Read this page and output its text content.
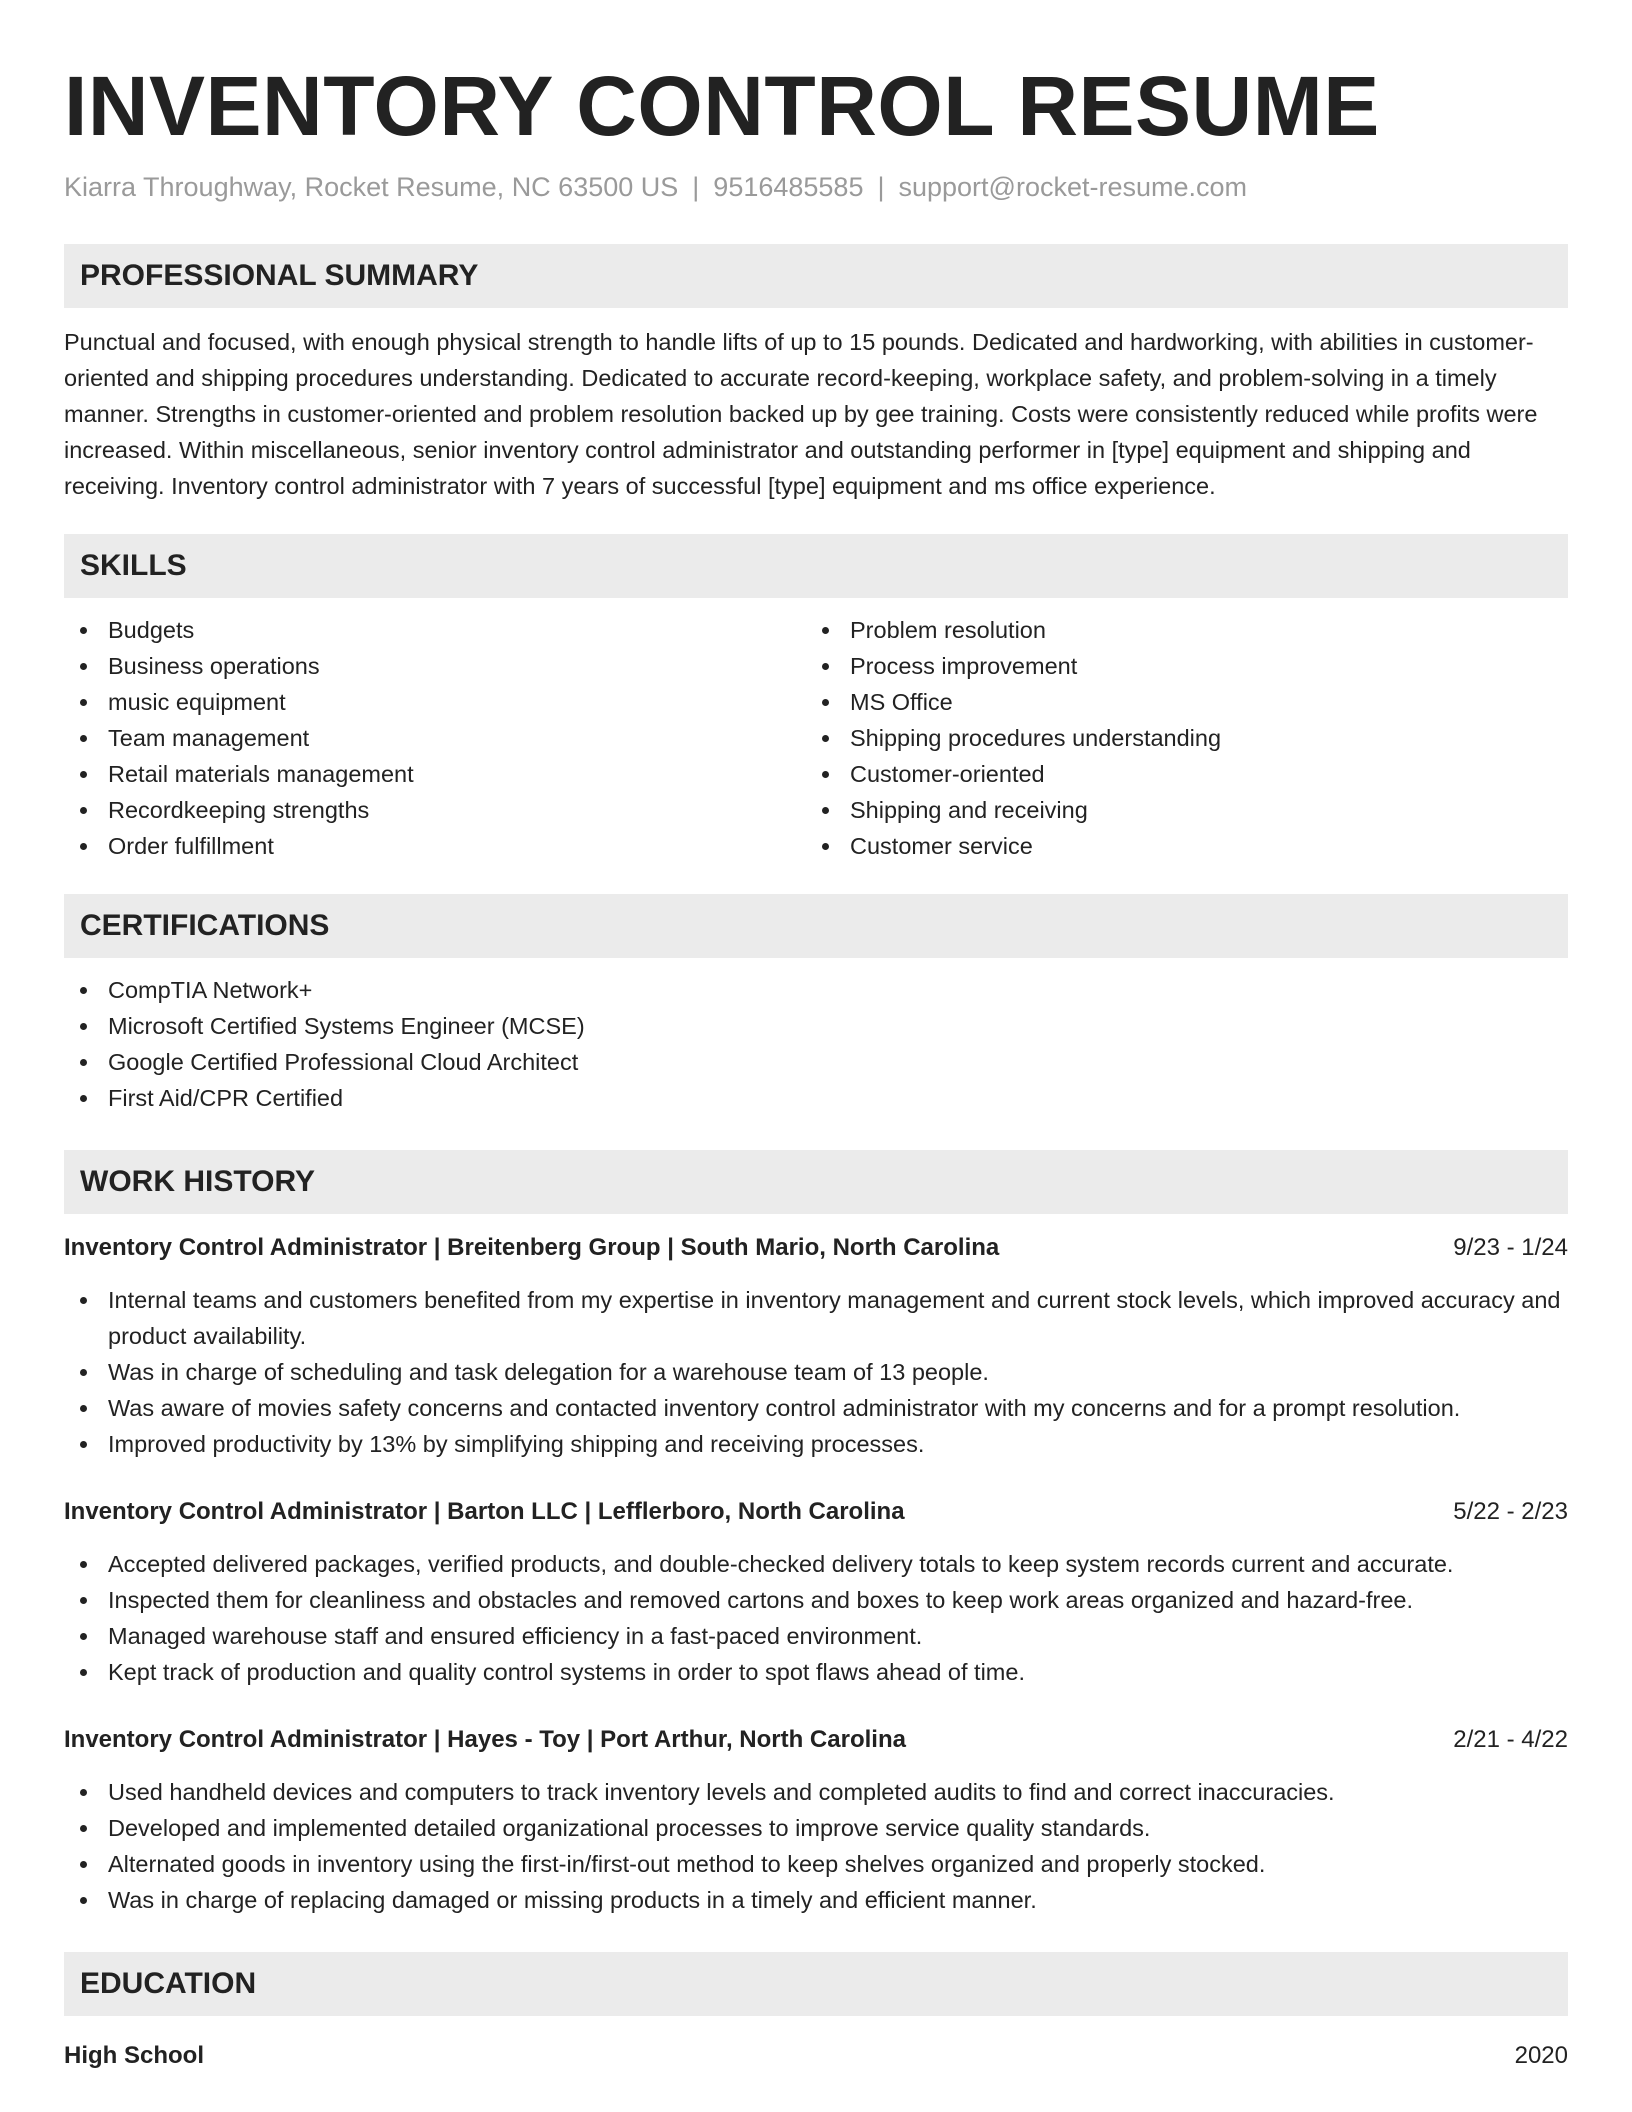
INVENTORY CONTROL RESUME
Kiarra Throughway, Rocket Resume, NC 63500 US | 9516485585 | support@rocket-resume.com
PROFESSIONAL SUMMARY

Punctual and focused, with enough physical strength to handle lifts of up to 15 pounds. Dedicated and hardworking, with abilities in customer-oriented and shipping procedures understanding. Dedicated to accurate record-keeping, workplace safety, and problem-solving in a timely manner. Strengths in customer-oriented and problem resolution backed up by gee training. Costs were consistently reduced while profits were increased. Within miscellaneous, senior inventory control administrator and outstanding performer in [type] equipment and shipping and receiving. Inventory control administrator with 7 years of successful [type] equipment and ms office experience.

SKILLS
Budgets
Business operations
music equipment
Team management
Retail materials management
Recordkeeping strengths
Order fulfillment
Problem resolution
Process improvement
MS Office
Shipping procedures understanding
Customer-oriented
Shipping and receiving
Customer service
CERTIFICATIONS
CompTIA Network+
Microsoft Certified Systems Engineer (MCSE)
Google Certified Professional Cloud Architect
First Aid/CPR Certified
WORK HISTORY
Inventory Control Administrator | Breitenberg Group | South Mario, North Carolina	9/23 - 1/24
Internal teams and customers benefited from my expertise in inventory management and current stock levels, which improved accuracy and product availability.
Was in charge of scheduling and task delegation for a warehouse team of 13 people.
Was aware of movies safety concerns and contacted inventory control administrator with my concerns and for a prompt resolution.
Improved productivity by 13% by simplifying shipping and receiving processes.
Inventory Control Administrator | Barton LLC | Lefflerboro, North Carolina	5/22 - 2/23
Accepted delivered packages, verified products, and double-checked delivery totals to keep system records current and accurate.
Inspected them for cleanliness and obstacles and removed cartons and boxes to keep work areas organized and hazard-free.
Managed warehouse staff and ensured efficiency in a fast-paced environment.
Kept track of production and quality control systems in order to spot flaws ahead of time.
Inventory Control Administrator | Hayes - Toy | Port Arthur, North Carolina	2/21 - 4/22
Used handheld devices and computers to track inventory levels and completed audits to find and correct inaccuracies.
Developed and implemented detailed organizational processes to improve service quality standards.
Alternated goods in inventory using the first-in/first-out method to keep shelves organized and properly stocked.
Was in charge of replacing damaged or missing products in a timely and efficient manner.
EDUCATION
High School	2020
